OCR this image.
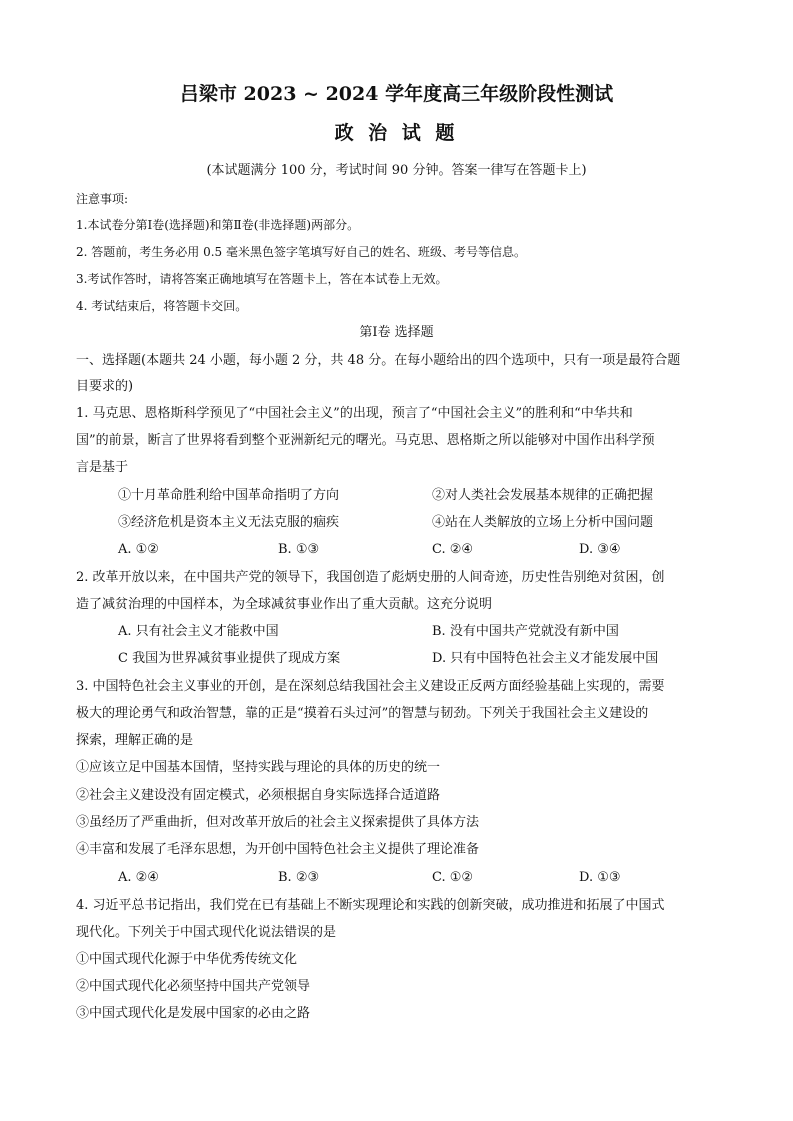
吕梁市 2023 ~ 2024 学年度高三年级阶段性测试
政 治 试 题
(本试题满分 100 分，考试时间 90 分钟。答案一律写在答题卡上)
注意事项:
1.本试卷分第Ⅰ卷(选择题)和第Ⅱ卷(非选择题)两部分。
2. 答题前，考生务必用 0.5 毫米黑色签字笔填写好自己的姓名、班级、考号等信息。
3.考试作答时，请将答案正确地填写在答题卡上，答在本试卷上无效。
4. 考试结束后，将答题卡交回。
第Ⅰ卷 选择题
一、选择题(本题共 24 小题，每小题 2 分，共 48 分。在每小题给出的四个选项中，只有一项是最符合题
目要求的)
1. 马克思、恩格斯科学预见了“中国社会主义”的出现，预言了“中国社会主义”的胜利和“中华共和
国”的前景，断言了世界将看到整个亚洲新纪元的曙光。马克思、恩格斯之所以能够对中国作出科学预
言是基于
①十月革命胜利给中国革命指明了方向	②对人类社会发展基本规律的正确把握
③经济危机是资本主义无法克服的痼疾	④站在人类解放的立场上分析中国问题
A. ①②	B. ①③	C. ②④	D. ③④
2. 改革开放以来，在中国共产党的领导下，我国创造了彪炳史册的人间奇迹，历史性告别绝对贫困，创
造了减贫治理的中国样本，为全球减贫事业作出了重大贡献。这充分说明
A. 只有社会主义才能救中国	B. 没有中国共产党就没有新中国
C 我国为世界减贫事业提供了现成方案	D. 只有中国特色社会主义才能发展中国
3. 中国特色社会主义事业的开创，是在深刻总结我国社会主义建设正反两方面经验基础上实现的，需要
极大的理论勇气和政治智慧，靠的正是“摸着石头过河”的智慧与韧劲。下列关于我国社会主义建设的
探索，理解正确的是
①应该立足中国基本国情，坚持实践与理论的具体的历史的统一
②社会主义建设没有固定模式，必须根据自身实际选择合适道路
③虽经历了严重曲折，但对改革开放后的社会主义探索提供了具体方法
④丰富和发展了毛泽东思想，为开创中国特色社会主义提供了理论准备
A. ②④	B. ②③	C. ①②	D. ①③
4. 习近平总书记指出，我们党在已有基础上不断实现理论和实践的创新突破，成功推进和拓展了中国式
现代化。下列关于中国式现代化说法错误的是
①中国式现代化源于中华优秀传统文化
②中国式现代化必须坚持中国共产党领导
③中国式现代化是发展中国家的必由之路
